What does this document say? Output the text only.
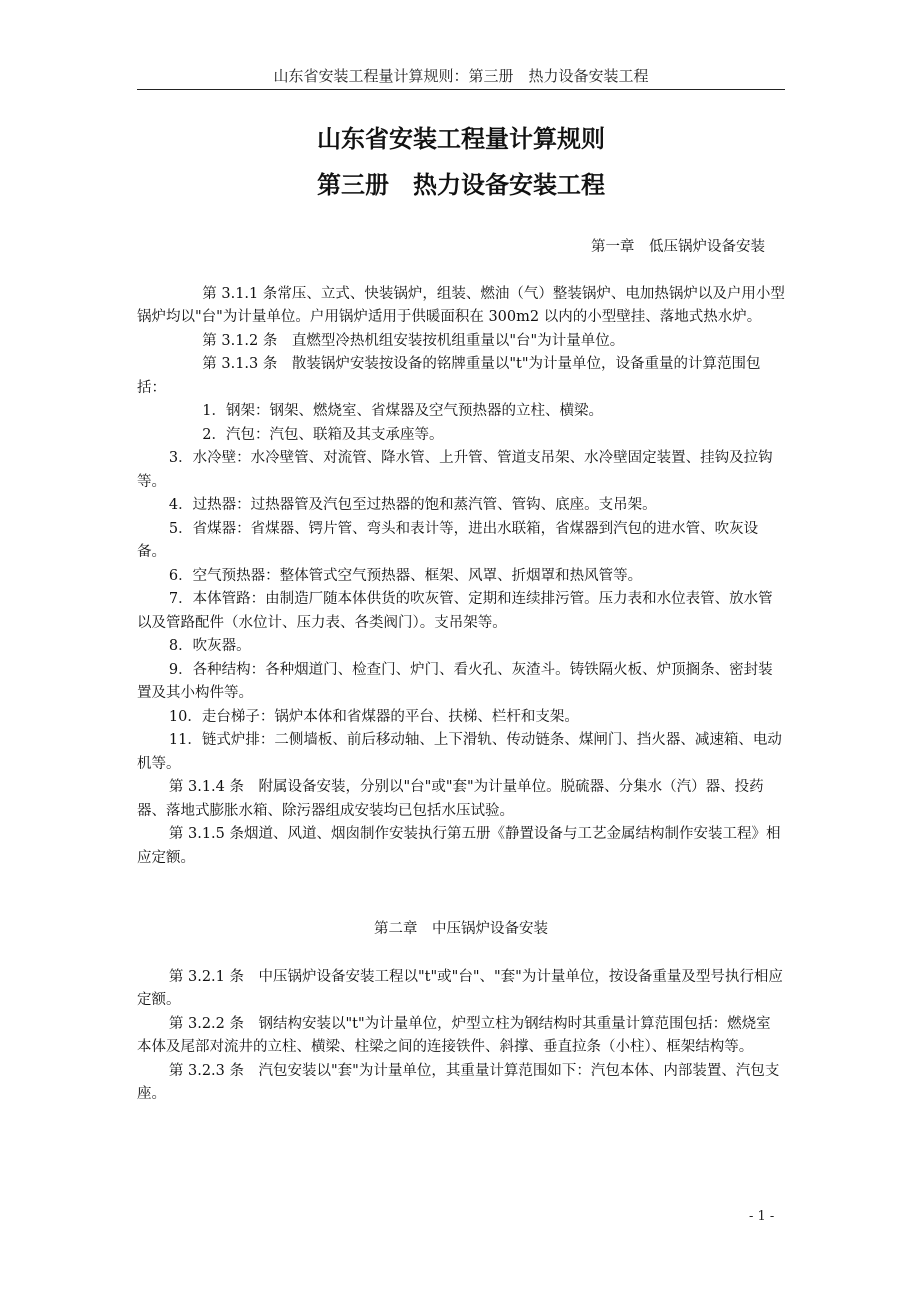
山东省安装工程量计算规则：第三册　热力设备安装工程
山东省安装工程量计算规则
第三册　热力设备安装工程

第一章　低压锅炉设备安装

第 3.1.1 条常压、立式、快装锅炉，组装、燃油（气）整装锅炉、电加热锅炉以及户用小型锅炉均以"台"为计量单位。户用锅炉适用于供暖面积在 300m2 以内的小型壁挂、落地式热水炉。

第 3.1.2 条　直燃型冷热机组安装按机组重量以"台"为计量单位。

第 3.1.3 条　散装锅炉安装按设备的铭牌重量以"t"为计量单位，设备重量的计算范围包括：

1．钢架：钢架、燃烧室、省煤器及空气预热器的立柱、横梁。

2．汽包：汽包、联箱及其支承座等。

3．水冷壁：水冷壁管、对流管、降水管、上升管、管道支吊架、水冷壁固定装置、挂钩及拉钩等。

4．过热器：过热器管及汽包至过热器的饱和蒸汽管、管钩、底座。支吊架。

5．省煤器：省煤器、锷片管、弯头和表计等，进出水联箱，省煤器到汽包的进水管、吹灰设备。

6．空气预热器：整体管式空气预热器、框架、风罩、折烟罩和热风管等。

7．本体管路：由制造厂随本体供货的吹灰管、定期和连续排污管。压力表和水位表管、放水管以及管路配件（水位计、压力表、各类阀门）。支吊架等。

8．吹灰器。

9．各种结构：各种烟道门、检查门、炉门、看火孔、灰渣斗。铸铁隔火板、炉顶搁条、密封装置及其小构件等。

10．走台梯子：锅炉本体和省煤器的平台、扶梯、栏杆和支架。

11．链式炉排：二侧墙板、前后移动轴、上下滑轨、传动链条、煤闸门、挡火器、减速箱、电动机等。

第 3.1.4 条　附属设备安装，分别以"台"或"套"为计量单位。脱硫器、分集水（汽）器、投药器、落地式膨胀水箱、除污器组成安装均已包括水压试验。

第 3.1.5 条烟道、风道、烟囱制作安装执行第五册《静置设备与工艺金属结构制作安装工程》相应定额。

第二章　中压锅炉设备安装

第 3.2.1 条　中压锅炉设备安装工程以"t"或"台"、"套"为计量单位，按设备重量及型号执行相应定额。

第 3.2.2 条　钢结构安装以"t"为计量单位，炉型立柱为钢结构时其重量计算范围包括：燃烧室本体及尾部对流井的立柱、横梁、柱梁之间的连接铁件、斜撑、垂直拉条（小柱）、框架结构等。

第 3.2.3 条　汽包安装以"套"为计量单位，其重量计算范围如下：汽包本体、内部装置、汽包支座。

- 1 -
